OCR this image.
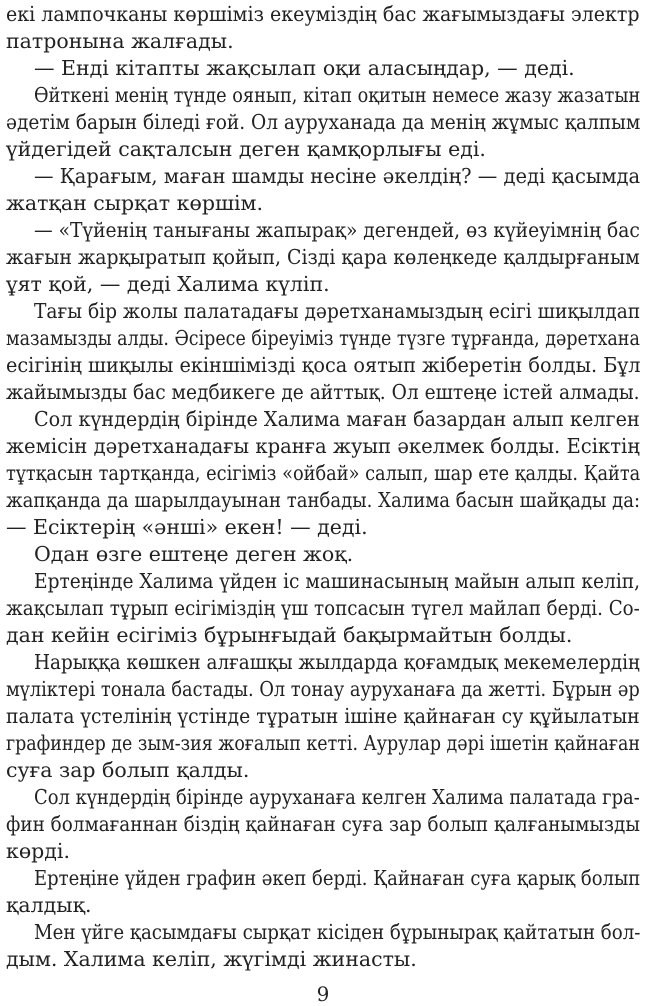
екі лампочканы көршіміз екеуміздің бас жағымыздағы электр
патронына жалғады.
— Енді кітапты жақсылап оқи аласыңдар, — деді.
Өйткені менің түнде оянып, кітап оқитын немесе жазу жазатын
әдетім барын біледі ғой. Ол ауруханада да менің жұмыс қалпым
үйдегідей сақталсын деген қамқорлығы еді.
— Қарағым, маған шамды несіне әкелдің? — деді қасымда
жатқан сырқат көршім.
— «Түйенің танығаны жапырақ» дегендей, өз күйеуімнің бас
жағын жарқыратып қойып, Сізді қара көлеңкеде қалдырғаным
ұят қой, — деді Халима күліп.
Тағы бір жолы палатадағы дәретханамыздың есігі шиқылдап
мазамызды алды. Әсіресе біреуіміз түнде түзге тұрғанда, дәретхана
есігінің шиқылы екіншімізді қоса оятып жіберетін болды. Бұл
жайымызды бас медбикеге де айттық. Ол ештеңе істей алмады.
Сол күндердің бірінде Халима маған базардан алып келген
жемісін дәретханадағы кранға жуып әкелмек болды. Есіктің
тұтқасын тартқанда, есігіміз «ойбай» салып, шар ете қалды. Қайта
жапқанда да шарылдауынан танбады. Халима басын шайқады да:
— Есіктерің «әнші» екен! — деді.
Одан өзге ештеңе деген жоқ.
Ертеңінде Халима үйден іс машинасының майын алып келіп,
жақсылап тұрып есігіміздің үш топсасын түгел майлап берді. Со-
дан кейін есігіміз бұрынғыдай бақырмайтын болды.
Нарыққа көшкен алғашқы жылдарда қоғамдық мекемелердің
мүліктері тонала бастады. Ол тонау ауруханаға да жетті. Бұрын әр
палата үстелінің үстінде тұратын ішіне қайнаған су құйылатын
графиндер де зым-зия жоғалып кетті. Аурулар дәрі ішетін қайнаған
суға зар болып қалды.
Сол күндердің бірінде ауруханаға келген Халима палатада гра-
фин болмағаннан біздің қайнаған суға зар болып қалғанымызды
көрді.
Ертеңіне үйден графин әкеп берді. Қайнаған суға қарық болып
қалдық.
Мен үйге қасымдағы сырқат кісіден бұрынырақ қайтатын бол-
дым. Халима келіп, жүгімді жинасты.
9
